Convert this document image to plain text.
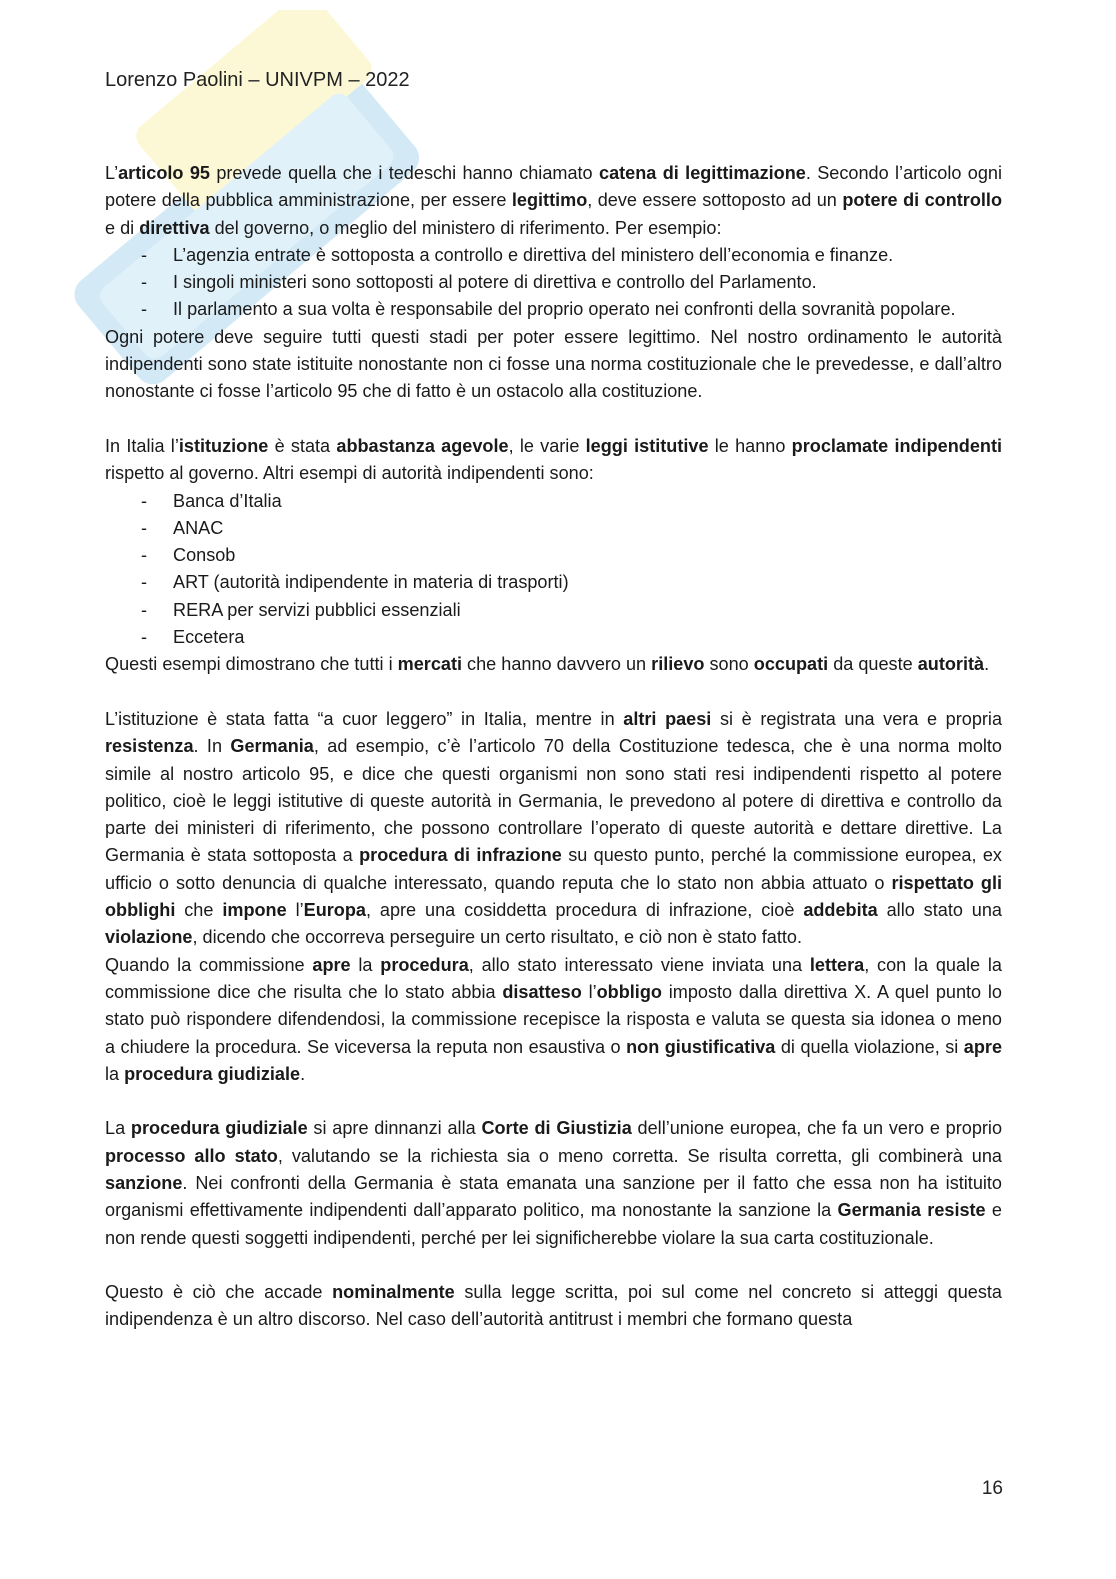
Lorenzo Paolini – UNIVPM – 2022

L’articolo 95 prevede quella che i tedeschi hanno chiamato catena di legittimazione. Secondo l’articolo ogni potere della pubblica amministrazione, per essere legittimo, deve essere sottoposto ad un potere di controllo e di direttiva del governo, o meglio del ministero di riferimento. Per esempio:

- L’agenzia entrate è sottoposta a controllo e direttiva del ministero dell’economia e finanze.
- I singoli ministeri sono sottoposti al potere di direttiva e controllo del Parlamento.
- Il parlamento a sua volta è responsabile del proprio operato nei confronti della sovranità popolare.

Ogni potere deve seguire tutti questi stadi per poter essere legittimo. Nel nostro ordinamento le autorità indipendenti sono state istituite nonostante non ci fosse una norma costituzionale che le prevedesse, e dall’altro nonostante ci fosse l’articolo 95 che di fatto è un ostacolo alla costituzione.

In Italia l’istituzione è stata abbastanza agevole, le varie leggi istitutive le hanno proclamate indipendenti rispetto al governo. Altri esempi di autorità indipendenti sono:

- Banca d’Italia
- ANAC
- Consob
- ART (autorità indipendente in materia di trasporti)
- RERA per servizi pubblici essenziali
- Eccetera

Questi esempi dimostrano che tutti i mercati che hanno davvero un rilievo sono occupati da queste autorità.

L’istituzione è stata fatta “a cuor leggero” in Italia, mentre in altri paesi si è registrata una vera e propria resistenza. In Germania, ad esempio, c’è l’articolo 70 della Costituzione tedesca, che è una norma molto simile al nostro articolo 95, e dice che questi organismi non sono stati resi indipendenti rispetto al potere politico, cioè le leggi istitutive di queste autorità in Germania, le prevedono al potere di direttiva e controllo da parte dei ministeri di riferimento, che possono controllare l’operato di queste autorità e dettare direttive. La Germania è stata sottoposta a procedura di infrazione su questo punto, perché la commissione europea, ex ufficio o sotto denuncia di qualche interessato, quando reputa che lo stato non abbia attuato o rispettato gli obblighi che impone l’Europa, apre una cosiddetta procedura di infrazione, cioè addebita allo stato una violazione, dicendo che occorreva perseguire un certo risultato, e ciò non è stato fatto.

Quando la commissione apre la procedura, allo stato interessato viene inviata una lettera, con la quale la commissione dice che risulta che lo stato abbia disatteso l’obbligo imposto dalla direttiva X. A quel punto lo stato può rispondere difendendosi, la commissione recepisce la risposta e valuta se questa sia idonea o meno a chiudere la procedura. Se viceversa la reputa non esaustiva o non giustificativa di quella violazione, si apre la procedura giudiziale.

La procedura giudiziale si apre dinnanzi alla Corte di Giustizia dell’unione europea, che fa un vero e proprio processo allo stato, valutando se la richiesta sia o meno corretta. Se risulta corretta, gli combinerà una sanzione. Nei confronti della Germania è stata emanata una sanzione per il fatto che essa non ha istituito organismi effettivamente indipendenti dall’apparato politico, ma nonostante la sanzione la Germania resiste e non rende questi soggetti indipendenti, perché per lei significherebbe violare la sua carta costituzionale.

Questo è ciò che accade nominalmente sulla legge scritta, poi sul come nel concreto si atteggi questa indipendenza è un altro discorso. Nel caso dell’autorità antitrust i membri che formano questa

16
